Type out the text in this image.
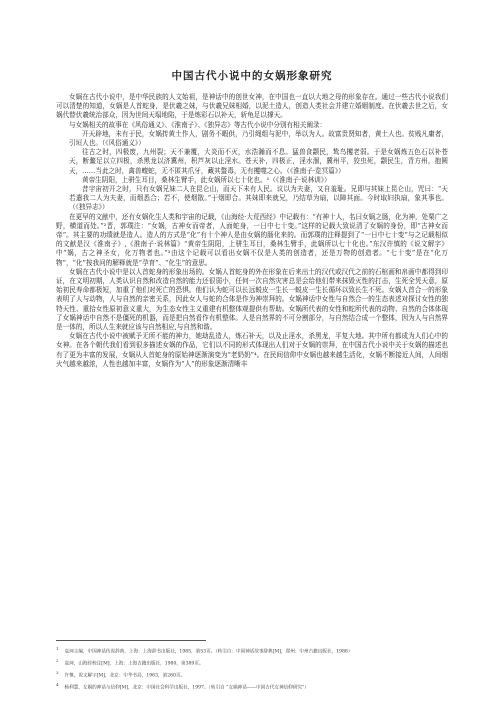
中国古代小说中的女娲形象研究

女娲在古代小说中，是中华民族的人文始祖，是神话中的创世女神，在中国也一直以大地之母的形象存在。通过一些古代小说我们可以清楚的知道，女娲是人首蛇身，是伏羲之妹，与伏羲兄妹相婚，以泥土造人，创造人类社会并建立婚姻制度。在伏羲去世之后，女娲代替伏羲统治部众，因为世间天塌地陷，于是炼彩石以补天，斩龟足以撑天。

与女娲相关的故事在《风俗通义》、《淮南子》、《独异志》等古代小说中分别有相关阐录：

开天辟地，未有于民，女娲抟黄土作人，剧务不暇供，乃引绳组与泥中，举以为人。故富贵贤知者，黄土人也。贫贱凡庸者，引垣人也。（《风俗通义》）

往古之时，四极废，九州裂；天不兼覆，大炎而不灭，水浩瀚而不息。猛兽食颛民，鸷鸟攫老弱。于是女娲炼五色石以补苍天，断鳌足以立四极，杀黑龙以济冀州，积芦灰以止淫水。苍天补，四极正，淫水涸，冀州平，狡虫死，颛民生，背方州，抱圆天，……当此之时，禽兽蝮蛇，无不匿其爪牙，藏其螫毒，无有攫噬之心。（《淮南子·览冥篇》）

黄帝生阴阳，上骈生耳目，桑林生臂手，此女娲所以七十化也。¹（《淮南子·说林训》）

昔宇宙初开之时，只有女娲兄妹二人在昆仑山，而天下未有人民。议以为夫妻，又自羞耻。兄即与其妹上昆仑山，咒曰：“天若遣我二人为夫妻，而烟悉合；若不，使烟散。”于烟即合。其妹即来就兄，乃结草为扇，以障其面。今时取妇执扇，象其事也。（《独异志》）

在更早的文献中，还有女娲化生人类和宇宙的记载，《山海经·大荒西经》中记载有：“有神十人，名曰女娲之肠，化为神，处栗广之野，横道而处。”²晋，郭璞注：“女娲，古神女而帝者，人面蛇身，一日中七十变。”这样的记载大致说清了女娲的身份，即“古神女而帝”。其主要的功绩就是造人。造人的方式是“化”有十个神人是由女娲的肠化来的。而郭璞的注释提到了“一日中七十变”与之记载相似的文献是汉《淮南子》,《淮南子·说林篇》“黄帝生阴阳，上骈生耳目，桑林生臂手，此娲所以七十化也。”东汉许慎的《说文解字》中“娲，古之神圣女，化万物者也。”³由这个记载可以看出女娲不仅是人类的创造者，还是万物的创造者。“七十变”是在“化万物”，“化”按我问的解释就是“孕育”、“化生”的意思。

女娲在古代小说中是以人首蛇身的形象出场的。女娲人首蛇身的外在形象在后来出土的汉代或汉代之前的石棺画和帛画中都得到印证，在文明初期，人类认识自然和改造自然的能力还很弱小，任何一次自然灾害总是会给他们带来抹毁灭性的打击，生死全凭天意，原始初民寿命都极短，加重了他们对死亡的恐惧。他们认为蛇可以长远蜕皮一生长一蜕皮一生长循环以致长生不死。女娲人首合一的形象表明了人与动物，人与自然的亲密关系，因此女人与蛇的合体是作为神崇拜的。女娲神话中女性与自然合一的生态表述对探讨女性的独特天性、重拾女性原初意义重大，为生态女性主义重建有机整体观提供有帮助。女娲所代表的女性和蛇所代表的动物、自然的合体体现了女娲神话中自然不是僵死的机器，而是把自然看作有机整体。人是自然界的不可分割部分，与自然结合成一个整体，因为人与自然界是一体的，所以人生来就应该与自然相应,与自然和谐。

女娲在古代小说中被赋予无所不能的神力，她劫乱造人，炼石补天，以及止淫水，杀黑龙，平复大地。其中所有都成为人们心中的女神。在各个朝代我们看到很多描述女娲的作品，它们以不同的形式体现出人们对于女娲的崇拜，在中国古代小说中关于女娲的描述也有了更为丰富的发展，女娲从人首蛇身的原始神逐渐演变为“老奶奶”⁴。在民间信仰中女娲也越来越生活化，女娲不断接近人间，人间烟火气越来越浓，人性也越加丰富，女娲作为“人”的形象逐渐清晰丰

$^1$袁珂主编，中国神话传说辞典，上海：上海辞书出版社，1985，第53页。（转引自：中国神话故事辞典[M]，郑州：中州古籍出版社，1988）
$^2$袁珂，山海经校注[M]，上海：上海古籍出版社，1980，第389页。
$^3$许慎，说文解字[M]，北京：中华书局，1963，第260页。
$^4$杨利慧，女娲的神话与信仰[M]，北京：中国社会科学出版社，1997。（转引自 “女娲神话——中国古代女神信仰研究”）
